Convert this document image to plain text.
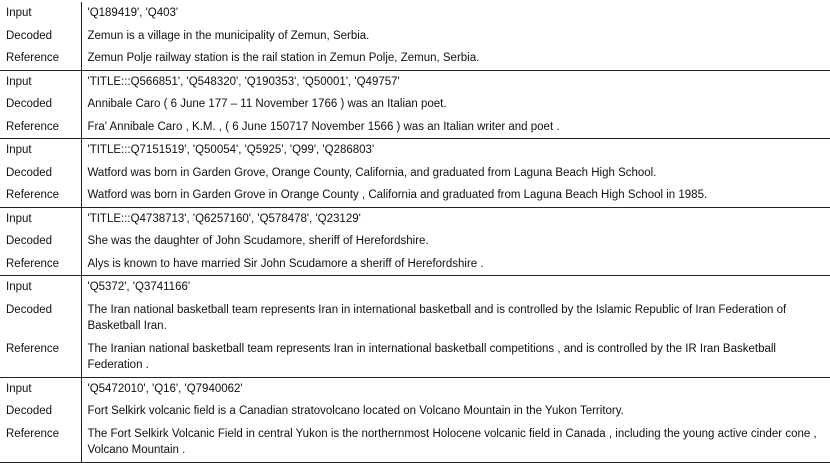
Input	'Q189419', 'Q403'
Decoded	Zemun is a village in the municipality of Zemun, Serbia.
Reference	Zemun Polje railway station is the rail station in Zemun Polje, Zemun, Serbia.
Input	'TITLE:::Q566851', 'Q548320', 'Q190353', 'Q50001', 'Q49757'
Decoded	Annibale Caro ( 6 June 177 – 11 November 1766 ) was an Italian poet.
Reference	Fra' Annibale Caro , K.M. , ( 6 June 150717 November 1566 ) was an Italian writer and poet .
Input	'TITLE:::Q7151519', 'Q50054', 'Q5925', 'Q99', 'Q286803'
Decoded	Watford was born in Garden Grove, Orange County, California, and graduated from Laguna Beach High School.
Reference	Watford was born in Garden Grove in Orange County , California and graduated from Laguna Beach High School in 1985.
Input	'TITLE:::Q4738713', 'Q6257160', 'Q578478', 'Q23129'
Decoded	She was the daughter of John Scudamore, sheriff of Herefordshire.
Reference	Alys is known to have married Sir John Scudamore a sheriff of Herefordshire .
Input	'Q5372', 'Q3741166'
Decoded	The Iran national basketball team represents Iran in international basketball and is controlled by the Islamic Republic of Iran Federation of Basketball Iran.
Reference	The Iranian national basketball team represents Iran in international basketball competitions , and is controlled by the IR Iran Basketball Federation .
Input	'Q5472010', 'Q16', 'Q7940062'
Decoded	Fort Selkirk volcanic field is a Canadian stratovolcano located on Volcano Mountain in the Yukon Territory.
Reference	The Fort Selkirk Volcanic Field in central Yukon is the northernmost Holocene volcanic field in Canada , including the young active cinder cone , Volcano Mountain .
